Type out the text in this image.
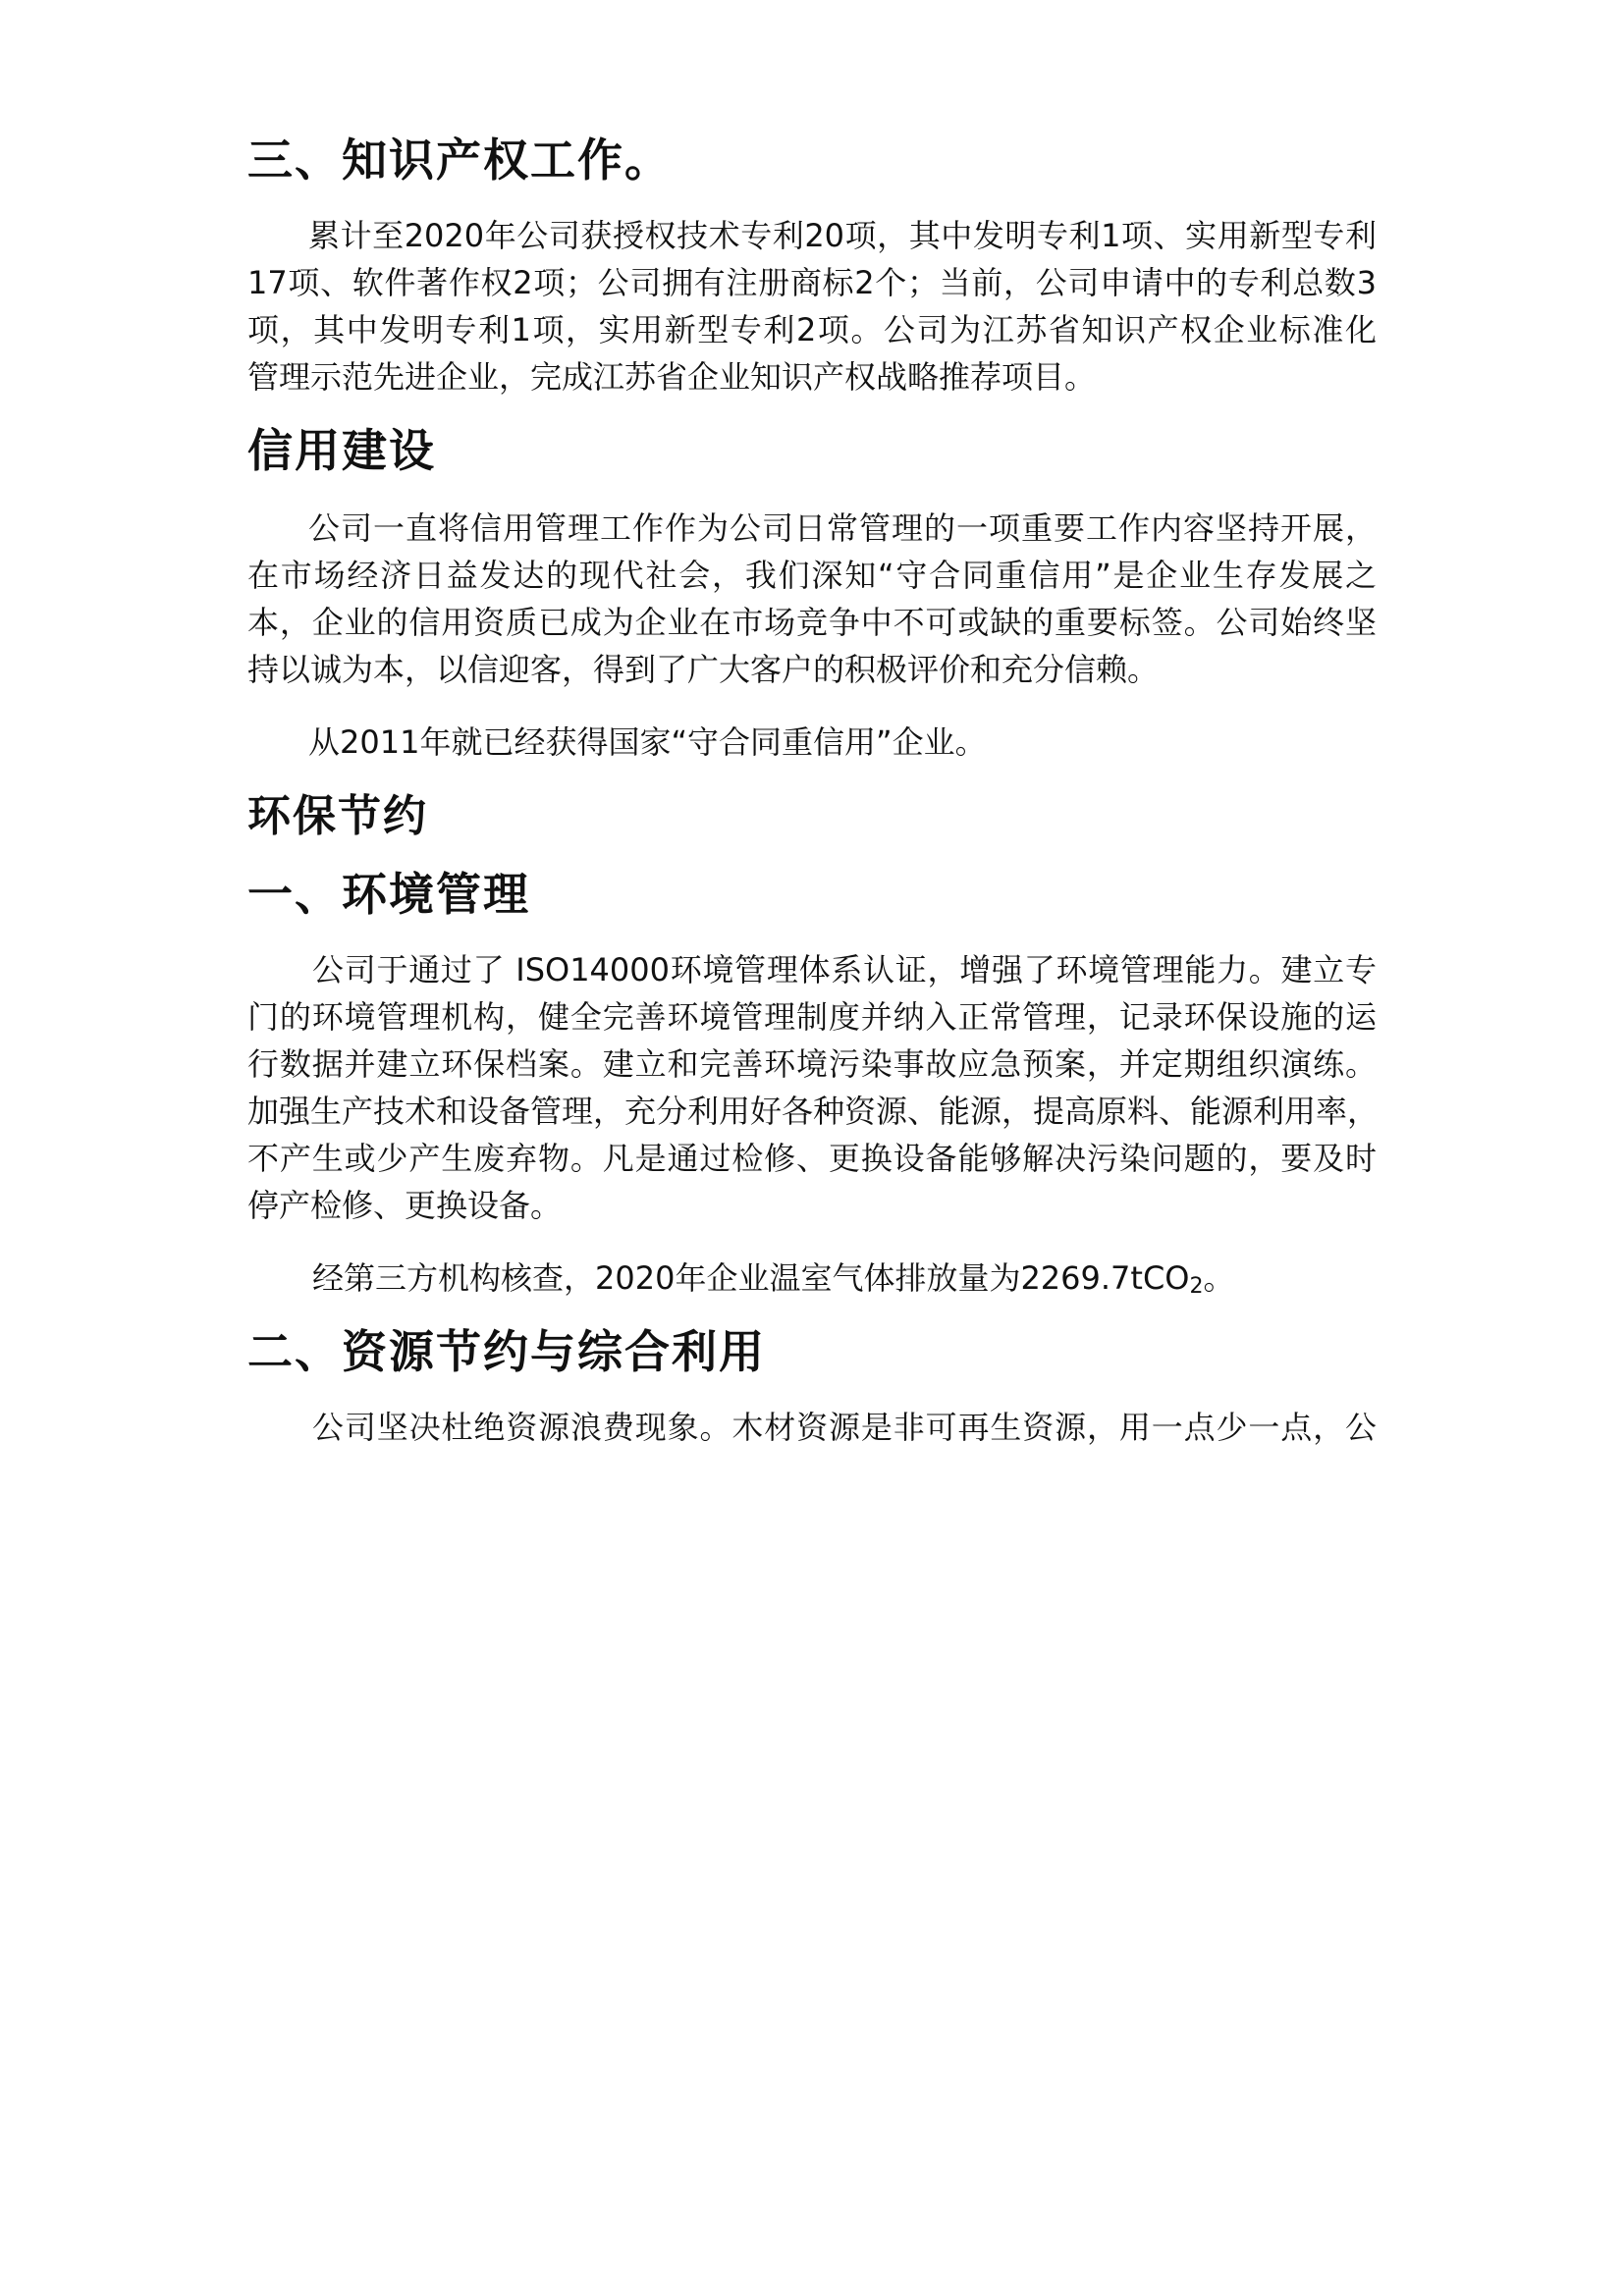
三、知识产权工作。
累计至2020年公司获授权技术专利20项，其中发明专利1项、实用新型专利
17项、软件著作权2项；公司拥有注册商标2个；当前，公司申请中的专利总数3
项，其中发明专利1项，实用新型专利2项。公司为江苏省知识产权企业标准化
管理示范先进企业，完成江苏省企业知识产权战略推荐项目。
信用建设
公司一直将信用管理工作作为公司日常管理的一项重要工作内容坚持开展，
在市场经济日益发达的现代社会，我们深知“守合同重信用”是企业生存发展之
本，企业的信用资质已成为企业在市场竞争中不可或缺的重要标签。公司始终坚
持以诚为本，以信迎客，得到了广大客户的积极评价和充分信赖。
从2011年就已经获得国家“守合同重信用”企业。
环保节约
一、环境管理
公司于通过了 ISO14000环境管理体系认证，增强了环境管理能力。建立专
门的环境管理机构，健全完善环境管理制度并纳入正常管理，记录环保设施的运
行数据并建立环保档案。建立和完善环境污染事故应急预案，并定期组织演练。
加强生产技术和设备管理，充分利用好各种资源、能源，提高原料、能源利用率，
不产生或少产生废弃物。凡是通过检修、更换设备能够解决污染问题的，要及时
停产检修、更换设备。
经第三方机构核查，2020年企业温室气体排放量为2269.7tCO2。
二、资源节约与综合利用
公司坚决杜绝资源浪费现象。木材资源是非可再生资源，用一点少一点，公
